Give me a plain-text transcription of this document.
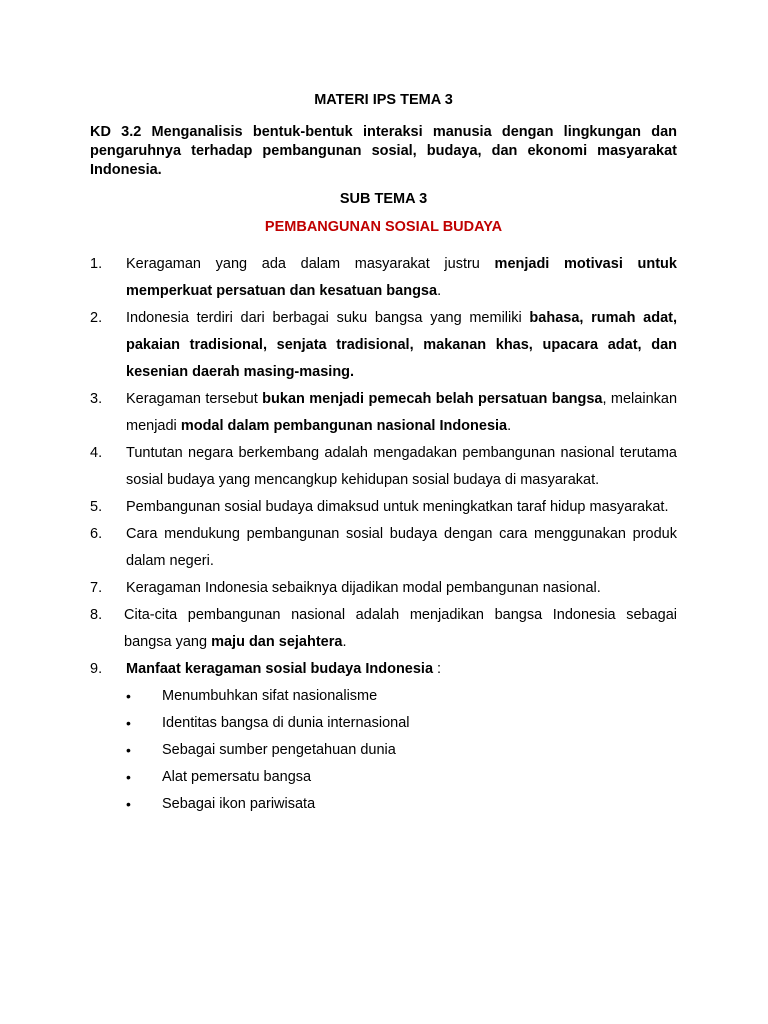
MATERI IPS TEMA 3
KD 3.2 Menganalisis bentuk-bentuk interaksi manusia dengan lingkungan dan pengaruhnya terhadap pembangunan sosial, budaya, dan ekonomi masyarakat Indonesia.
SUB TEMA 3
PEMBANGUNAN SOSIAL BUDAYA
1. Keragaman yang ada dalam masyarakat justru menjadi motivasi untuk memperkuat persatuan dan kesatuan bangsa.
2. Indonesia terdiri dari berbagai suku bangsa yang memiliki bahasa, rumah adat, pakaian tradisional, senjata tradisional, makanan khas, upacara adat, dan kesenian daerah masing-masing.
3. Keragaman tersebut bukan menjadi pemecah belah persatuan bangsa, melainkan menjadi modal dalam pembangunan nasional Indonesia.
4. Tuntutan negara berkembang adalah mengadakan pembangunan nasional terutama sosial budaya yang mencangkup kehidupan sosial budaya di masyarakat.
5. Pembangunan sosial budaya dimaksud untuk meningkatkan taraf hidup masyarakat.
6. Cara mendukung pembangunan sosial budaya dengan cara menggunakan produk dalam negeri.
7. Keragaman Indonesia sebaiknya dijadikan modal pembangunan nasional.
8. Cita-cita pembangunan nasional adalah menjadikan bangsa Indonesia sebagai bangsa yang maju dan sejahtera.
9. Manfaat keragaman sosial budaya Indonesia :
• Menumbuhkan sifat nasionalisme
• Identitas bangsa di dunia internasional
• Sebagai sumber pengetahuan dunia
• Alat pemersatu bangsa
• Sebagai ikon pariwisata
